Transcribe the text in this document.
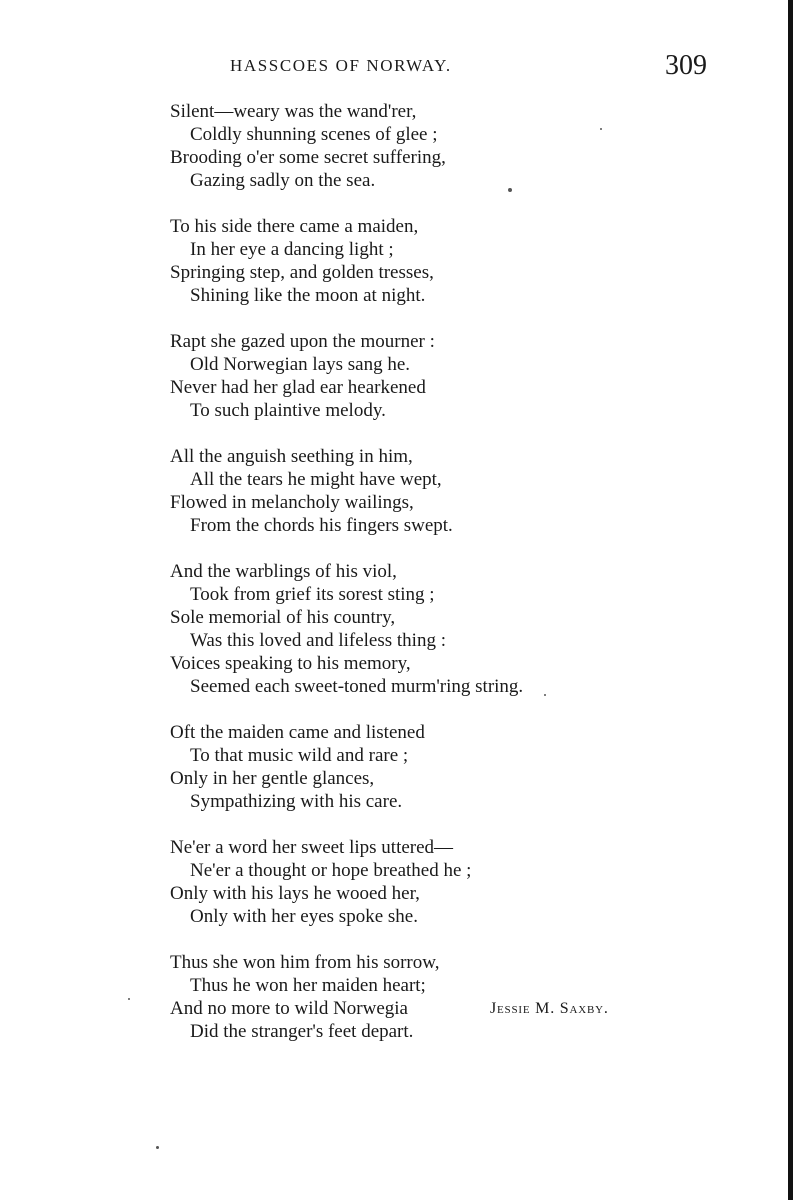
HASSCOES OF NORWAY.	309
Silent—weary was the wand'rer,
Coldly shunning scenes of glee ;
Brooding o'er some secret suffering,
Gazing sadly on the sea.
To his side there came a maiden,
In her eye a dancing light ;
Springing step, and golden tresses,
Shining like the moon at night.
Rapt she gazed upon the mourner :
Old Norwegian lays sang he.
Never had her glad ear hearkened
To such plaintive melody.
All the anguish seething in him,
All the tears he might have wept,
Flowed in melancholy wailings,
From the chords his fingers swept.
And the warblings of his viol,
Took from grief its sorest sting ;
Sole memorial of his country,
Was this loved and lifeless thing :
Voices speaking to his memory,
Seemed each sweet-toned murm'ring string.
Oft the maiden came and listened
To that music wild and rare ;
Only in her gentle glances,
Sympathizing with his care.
Ne'er a word her sweet lips uttered—
Ne'er a thought or hope breathed he ;
Only with his lays he wooed her,
Only with her eyes spoke she.
Thus she won him from his sorrow,
Thus he won her maiden heart;
And no more to wild Norwegia
Did the stranger's feet depart.
Jessie M. Saxby.
